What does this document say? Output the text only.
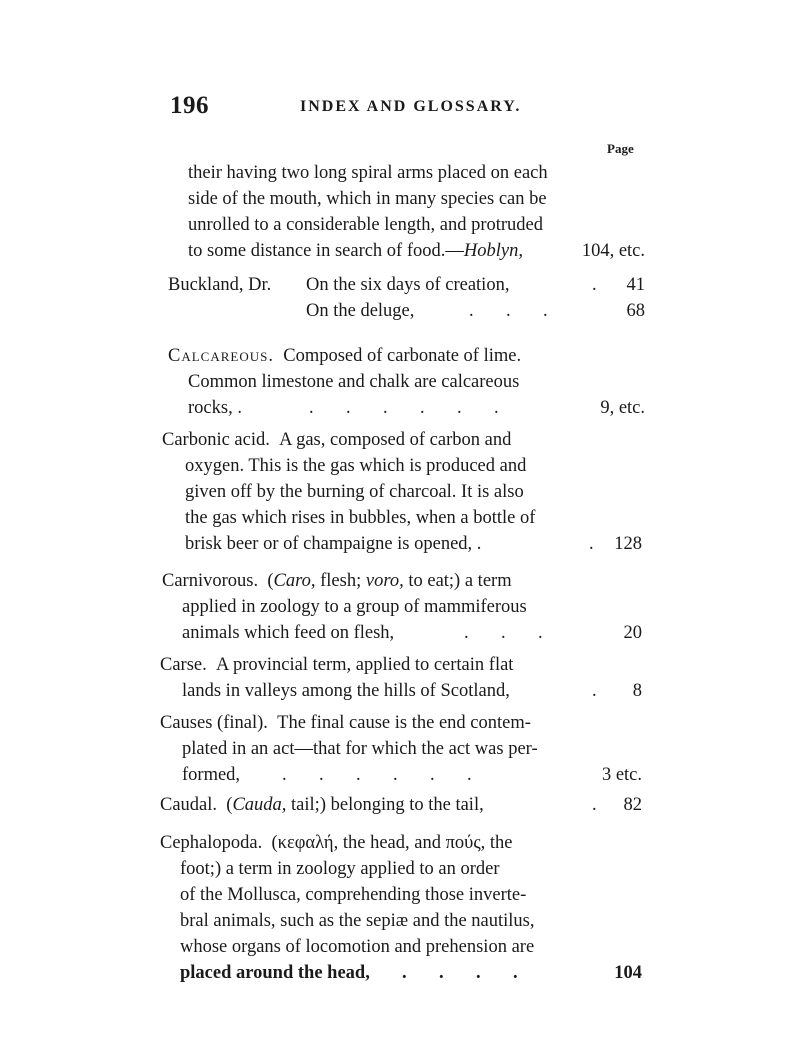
196	INDEX AND GLOSSARY.
Page
their having two long spiral arms placed on each
side of the mouth, which in many species can be
unrolled to a considerable length, and protruded
to some distance in search of food.—Hoblyn,	104, etc.
Buckland, Dr. On the six days of creation,	. 41
On the deluge,	.       .       .	68
Calcareous. Composed of carbonate of lime.
Common limestone and chalk are calcareous
rocks, .	.       .       .       .       .       .	9, etc.
Carbonic acid. A gas, composed of carbon and
oxygen. This is the gas which is produced and
given off by the burning of charcoal. It is also
the gas which rises in bubbles, when a bottle of
brisk beer or of champaigne is opened, .	. 128
Carnivorous. (Caro, flesh; voro, to eat;) a term
applied in zoology to a group of mammiferous
animals which feed on flesh,	.       .       .	20
Carse. A provincial term, applied to certain flat
lands in valleys among the hills of Scotland,	. 8
Causes (final). The final cause is the end contem-
plated in an act—that for which the act was per-
formed, .       .       .       .       .       .	3 etc.
Caudal. (Cauda, tail;) belonging to the tail,	. 82
Cephalopoda. (κεφαλή, the head, and πούς, the
foot;) a term in zoology applied to an order
of the Mollusca, comprehending those inverte-
bral animals, such as the sepiæ and the nautilus,
whose organs of locomotion and prehension are
placed around the head, .       .       .       .	104
